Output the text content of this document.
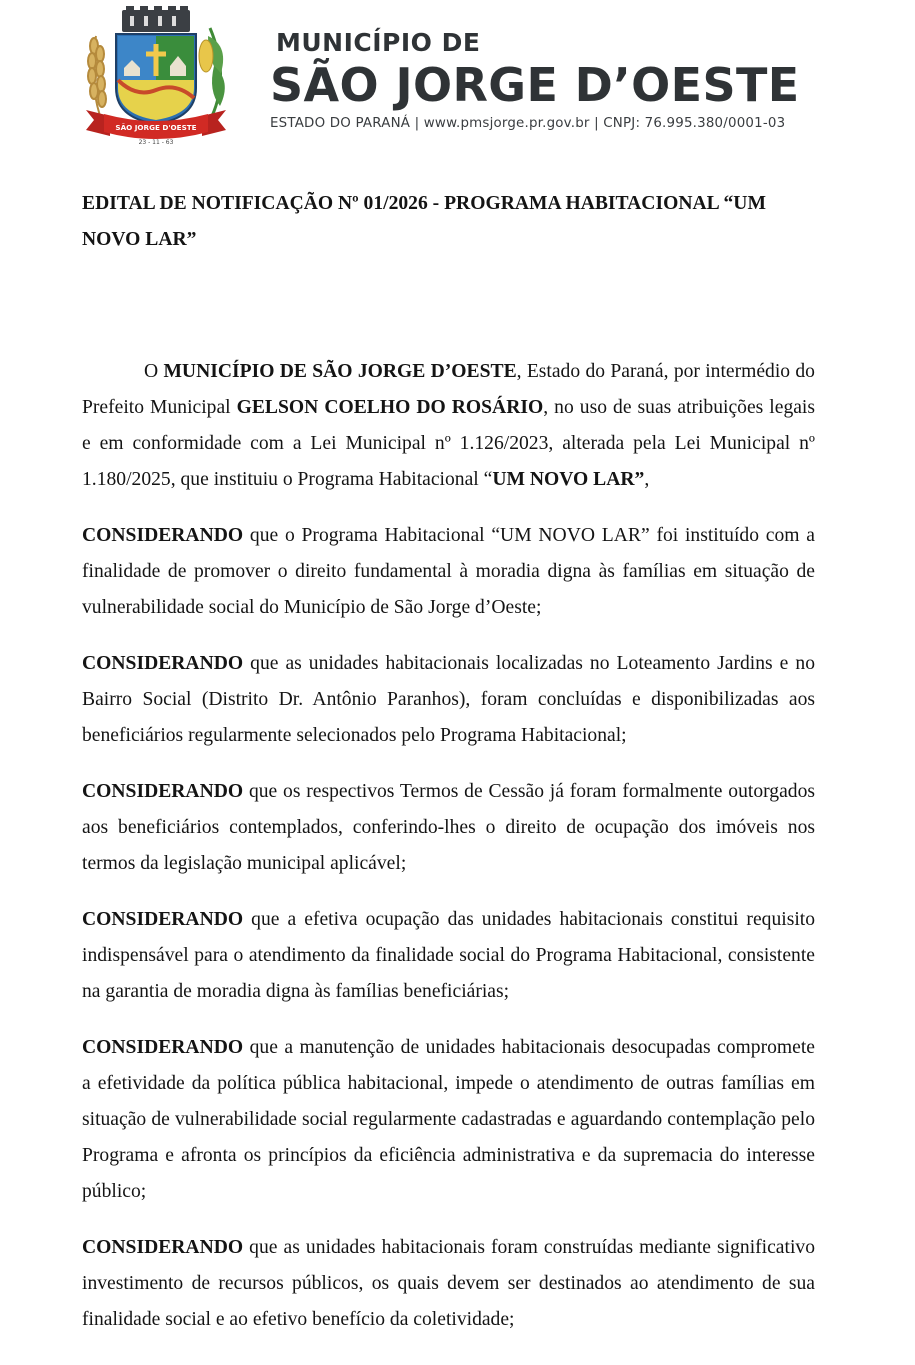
SÃO JORGE D'OESTE
23 - 11 - 63
MUNICÍPIO DE
SÃO JORGE D’OESTE
ESTADO DO PARANÁ | www.pmsjorge.pr.gov.br | CNPJ: 76.995.380/0001-03

EDITAL DE NOTIFICAÇÃO Nº 01/2026 - PROGRAMA HABITACIONAL “UM NOVO LAR”

O MUNICÍPIO DE SÃO JORGE D’OESTE, Estado do Paraná, por intermédio do Prefeito Municipal GELSON COELHO DO ROSÁRIO, no uso de suas atribuições legais e em conformidade com a Lei Municipal nº 1.126/2023, alterada pela Lei Municipal nº 1.180/2025, que instituiu o Programa Habitacional “UM NOVO LAR”,

CONSIDERANDO que o Programa Habitacional “UM NOVO LAR” foi instituído com a finalidade de promover o direito fundamental à moradia digna às famílias em situação de vulnerabilidade social do Município de São Jorge d’Oeste;

CONSIDERANDO que as unidades habitacionais localizadas no Loteamento Jardins e no Bairro Social (Distrito Dr. Antônio Paranhos), foram concluídas e disponibilizadas aos beneficiários regularmente selecionados pelo Programa Habitacional;

CONSIDERANDO que os respectivos Termos de Cessão já foram formalmente outorgados aos beneficiários contemplados, conferindo-lhes o direito de ocupação dos imóveis nos termos da legislação municipal aplicável;

CONSIDERANDO que a efetiva ocupação das unidades habitacionais constitui requisito indispensável para o atendimento da finalidade social do Programa Habitacional, consistente na garantia de moradia digna às famílias beneficiárias;

CONSIDERANDO que a manutenção de unidades habitacionais desocupadas compromete a efetividade da política pública habitacional, impede o atendimento de outras famílias em situação de vulnerabilidade social regularmente cadastradas e aguardando contemplação pelo Programa e afronta os princípios da eficiência administrativa e da supremacia do interesse público;

CONSIDERANDO que as unidades habitacionais foram construídas mediante significativo investimento de recursos públicos, os quais devem ser destinados ao atendimento de sua finalidade social e ao efetivo benefício da coletividade;
